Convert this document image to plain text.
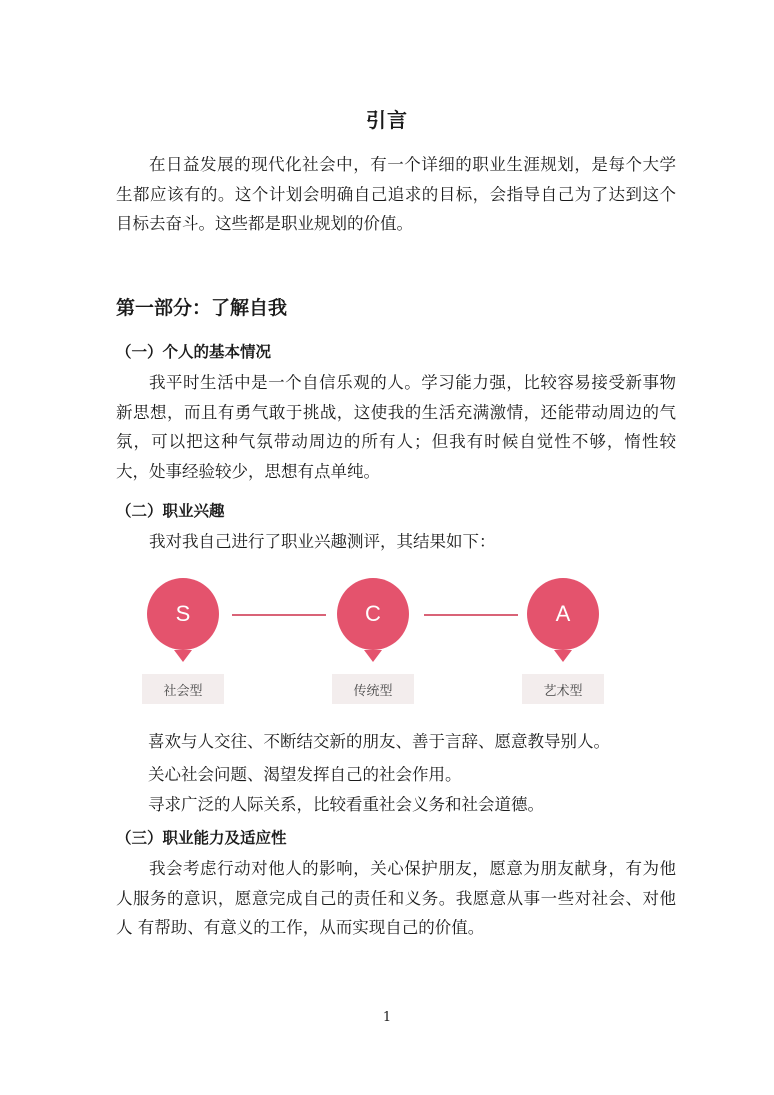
引言

在日益发展的现代化社会中，有一个详细的职业生涯规划，是每个大学生都应该有的。这个计划会明确自己追求的目标，会指导自己为了达到这个目标去奋斗。这些都是职业规划的价值。

第一部分：了解自我
（一）个人的基本情况

我平时生活中是一个自信乐观的人。学习能力强，比较容易接受新事物新思想，而且有勇气敢于挑战，这使我的生活充满激情，还能带动周边的气氛，可以把这种气氛带动周边的所有人；但我有时候自觉性不够，惰性较大，处事经验较少，思想有点单纯。

（二）职业兴趣

我对我自己进行了职业兴趣测评，其结果如下：

S
社会型
C
传统型
A
艺术型

喜欢与人交往、不断结交新的朋友、善于言辞、愿意教导别人。

关心社会问题、渴望发挥自己的社会作用。

寻求广泛的人际关系，比较看重社会义务和社会道德。

（三）职业能力及适应性

我会考虑行动对他人的影响，关心保护朋友，愿意为朋友献身，有为他人服务的意识，愿意完成自己的责任和义务。我愿意从事一些对社会、对他人 有帮助、有意义的工作，从而实现自己的价值。

1
